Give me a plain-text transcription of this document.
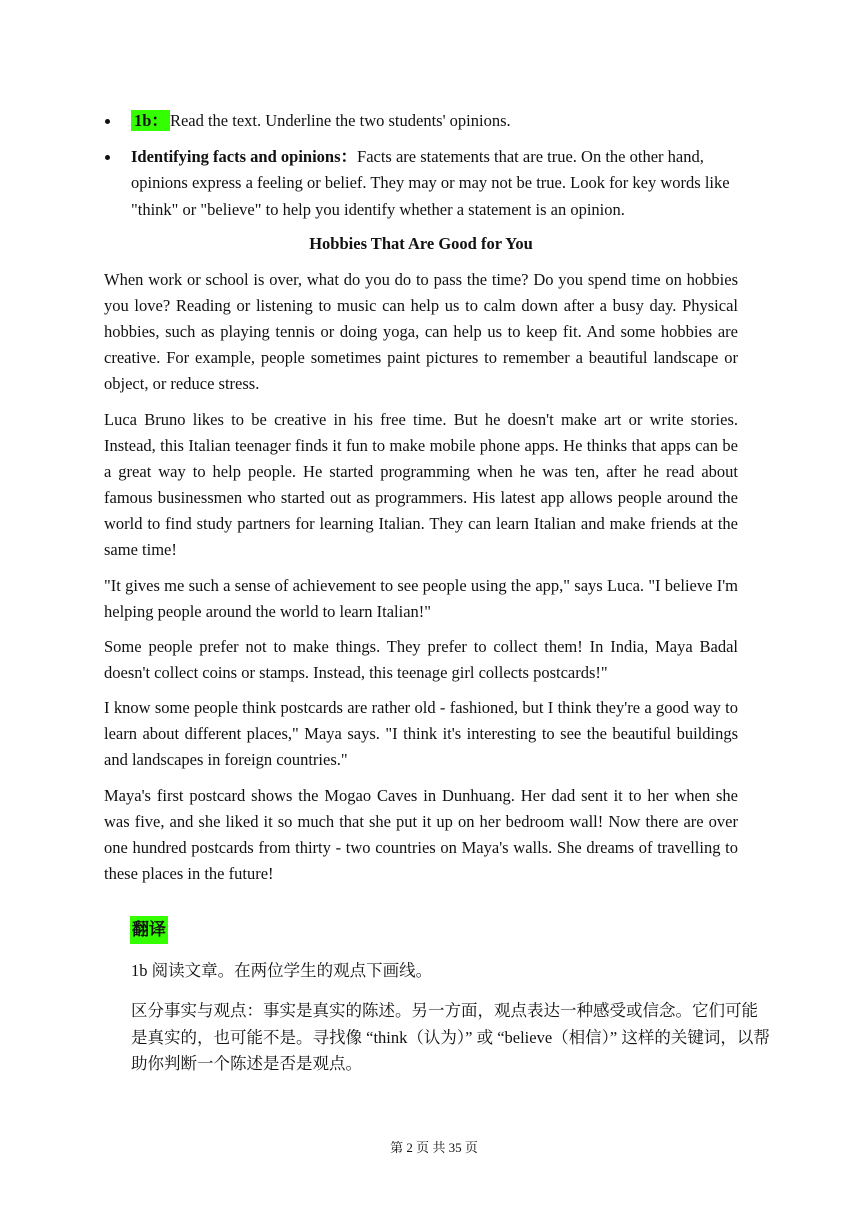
1b： Read the text. Underline the two students' opinions.
Identifying facts and opinions：Facts are statements that are true. On the other hand, opinions express a feeling or belief. They may or may not be true. Look for key words like "think" or "believe" to help you identify whether a statement is an opinion.
Hobbies That Are Good for You

When work or school is over, what do you do to pass the time? Do you spend time on hobbies you love? Reading or listening to music can help us to calm down after a busy day. Physical hobbies, such as playing tennis or doing yoga, can help us to keep fit. And some hobbies are creative. For example, people sometimes paint pictures to remember a beautiful landscape or object, or reduce stress.

Luca Bruno likes to be creative in his free time. But he doesn't make art or write stories. Instead, this Italian teenager finds it fun to make mobile phone apps. He thinks that apps can be a great way to help people. He started programming when he was ten, after he read about famous businessmen who started out as programmers. His latest app allows people around the world to find study partners for learning Italian. They can learn Italian and make friends at the same time!

"It gives me such a sense of achievement to see people using the app," says Luca. "I believe I'm helping people around the world to learn Italian!"

Some people prefer not to make things. They prefer to collect them! In India, Maya Badal doesn't collect coins or stamps. Instead, this teenage girl collects postcards!"

I know some people think postcards are rather old - fashioned, but I think they're a good way to learn about different places," Maya says. "I think it's interesting to see the beautiful buildings and landscapes in foreign countries."

Maya's first postcard shows the Mogao Caves in Dunhuang. Her dad sent it to her when she was five, and she liked it so much that she put it up on her bedroom wall! Now there are over one hundred postcards from thirty - two countries on Maya's walls. She dreams of travelling to these places in the future!

翻译

1b 阅读文章。在两位学生的观点下画线。

区分事实与观点：事实是真实的陈述。另一方面，观点表达一种感受或信念。它们可能是真实的，也可能不是。寻找像 “think（认为）” 或 “believe（相信）” 这样的关键词，以帮助你判断一个陈述是否是观点。

第 2 页 共 35 页
